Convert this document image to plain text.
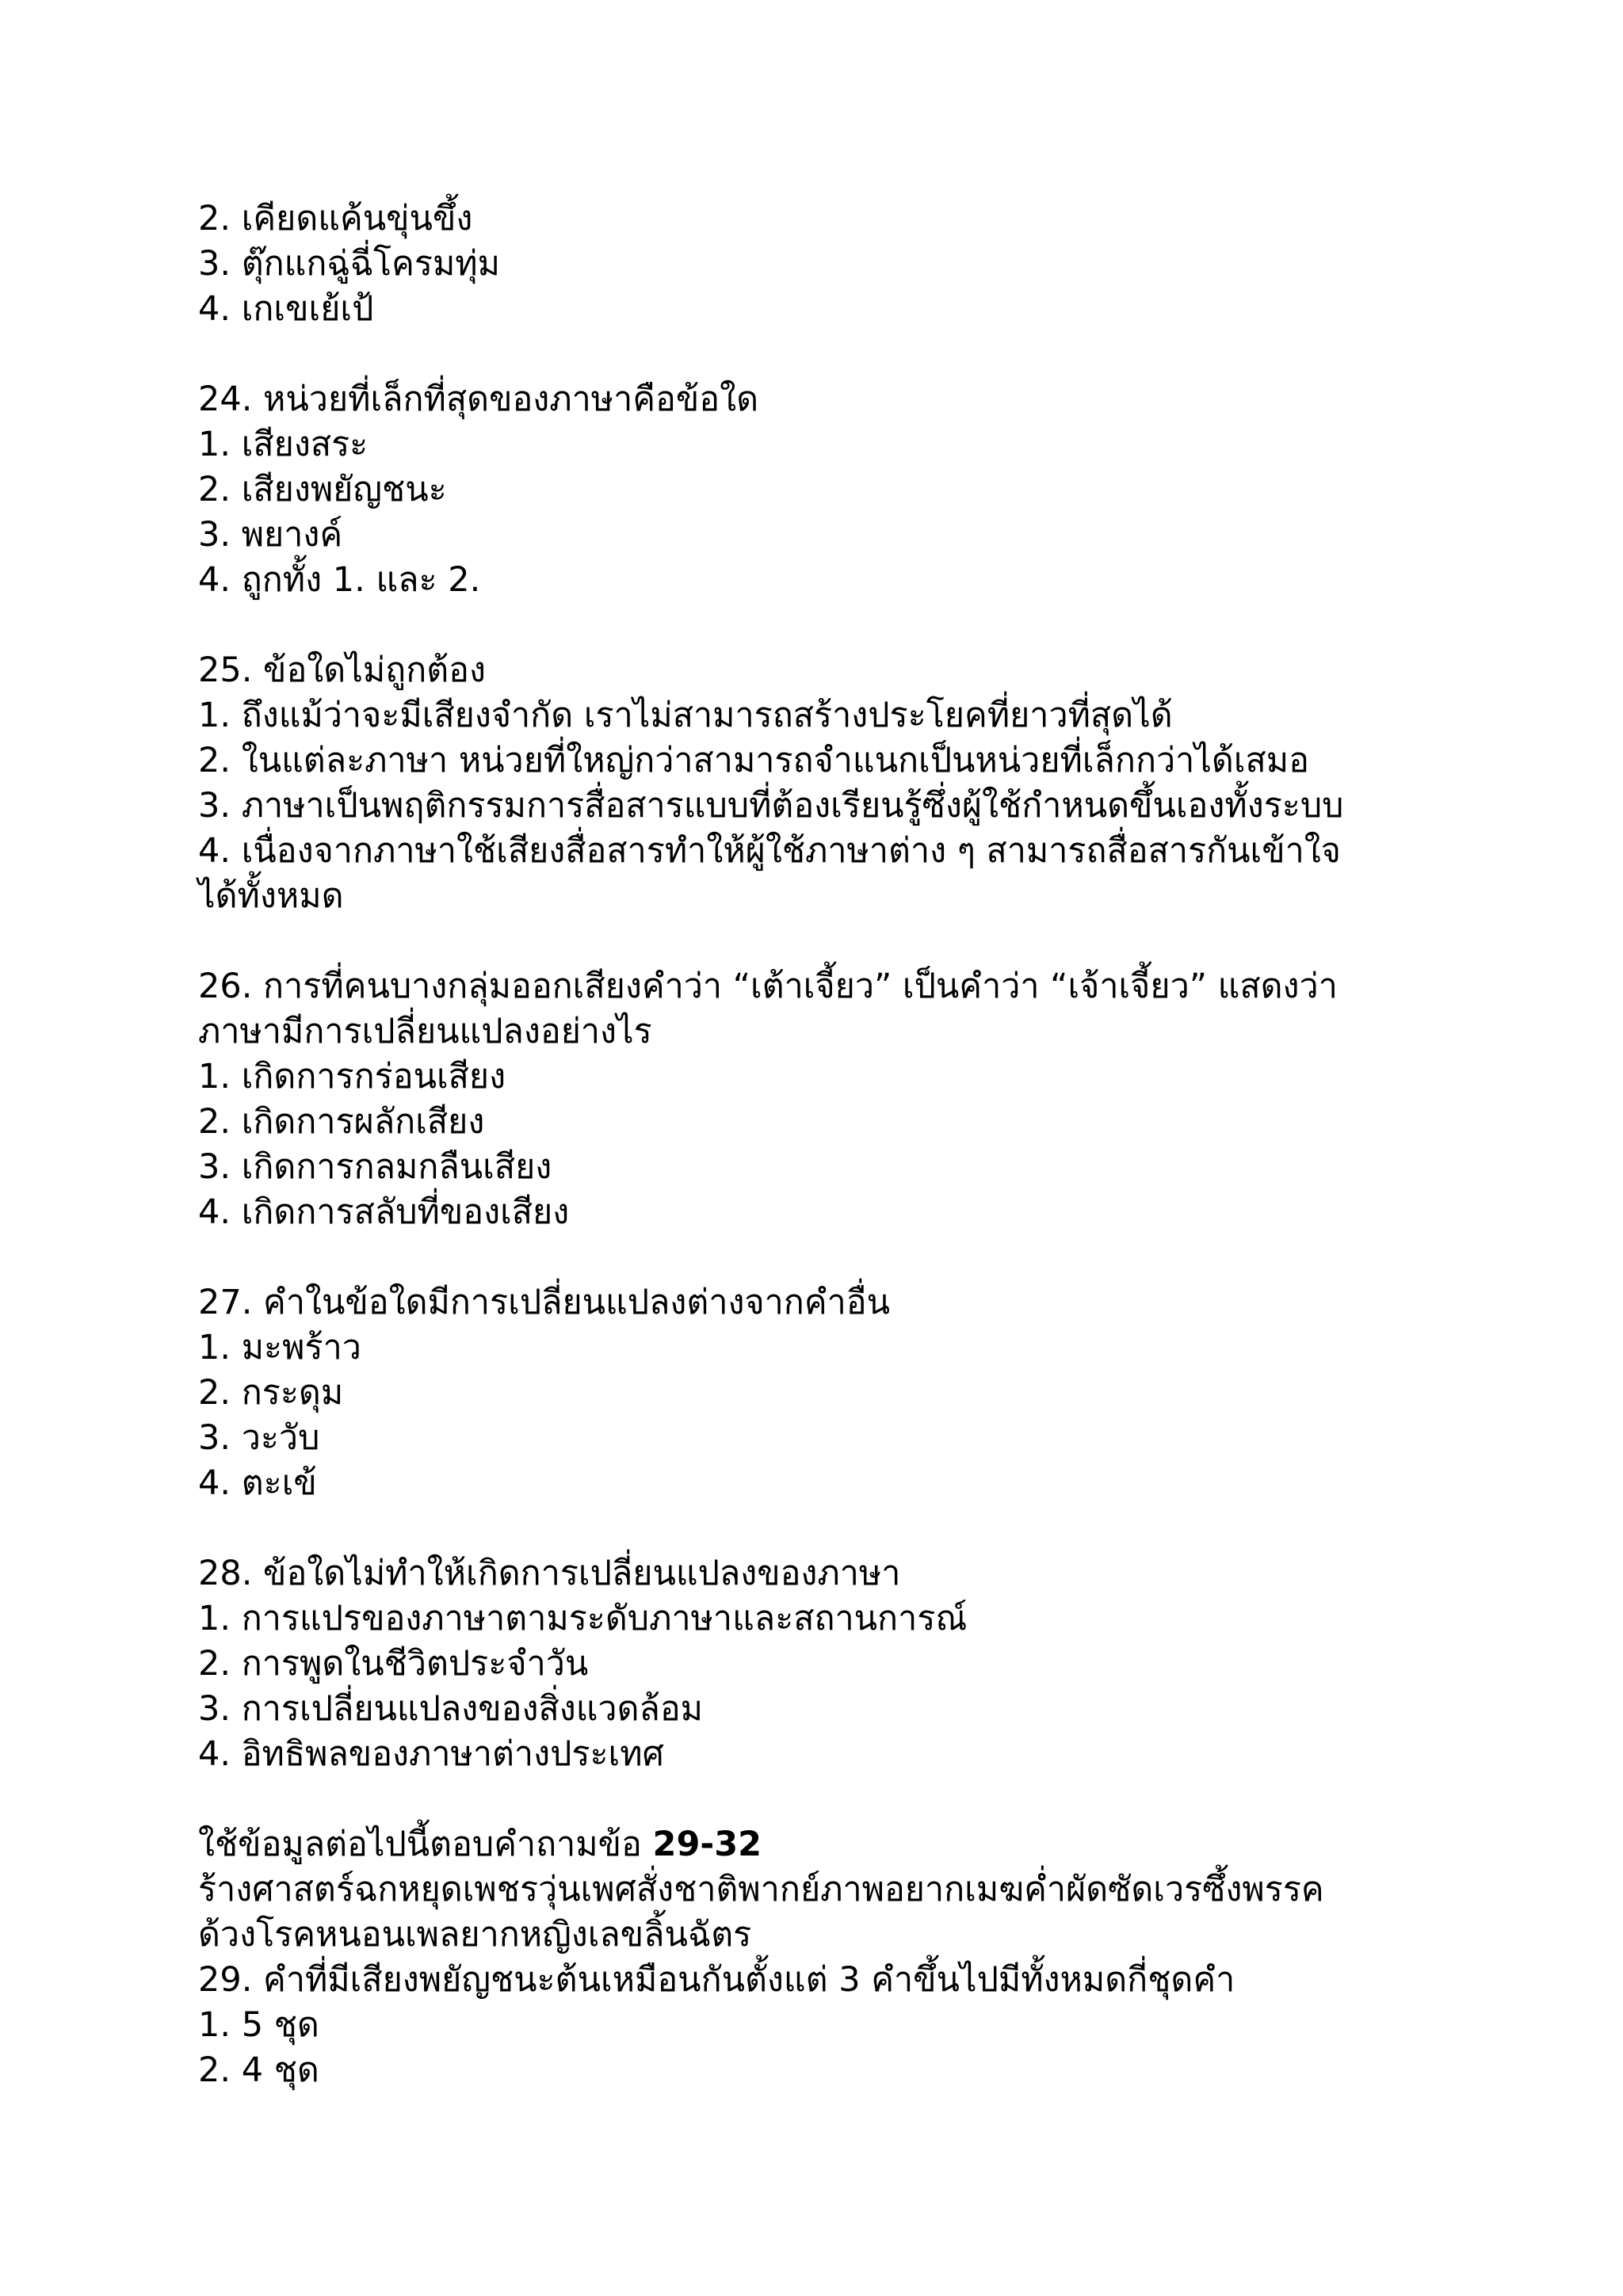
2. เคียดแค้นขุ่นขึ้ง
3. ตุ๊กแกฉู่ฉี่โครมทุ่ม
4. เกเขเย้เป้
24. หน่วยที่เล็กที่สุดของภาษาคือข้อใด
1. เสียงสระ
2. เสียงพยัญชนะ
3. พยางค์
4. ถูกทั้ง 1. และ 2.
25. ข้อใดไม่ถูกต้อง
1. ถึงแม้ว่าจะมีเสียงจำกัด เราไม่สามารถสร้างประโยคที่ยาวที่สุดได้
2. ในแต่ละภาษา หน่วยที่ใหญ่กว่าสามารถจำแนกเป็นหน่วยที่เล็กกว่าได้เสมอ
3. ภาษาเป็นพฤติกรรมการสื่อสารแบบที่ต้องเรียนรู้ซึ่งผู้ใช้กำหนดขึ้นเองทั้งระบบ
4. เนื่องจากภาษาใช้เสียงสื่อสารทำให้ผู้ใช้ภาษาต่าง ๆ สามารถสื่อสารกันเข้าใจ
ได้ทั้งหมด
26. การที่คนบางกลุ่มออกเสียงคำว่า “เต้าเจี้ยว” เป็นคำว่า “เจ้าเจี้ยว” แสดงว่า
ภาษามีการเปลี่ยนแปลงอย่างไร
1. เกิดการกร่อนเสียง
2. เกิดการผลักเสียง
3. เกิดการกลมกลืนเสียง
4. เกิดการสลับที่ของเสียง
27. คำในข้อใดมีการเปลี่ยนแปลงต่างจากคำอื่น
1. มะพร้าว
2. กระดุม
3. วะวับ
4. ตะเข้
28. ข้อใดไม่ทำให้เกิดการเปลี่ยนแปลงของภาษา
1. การแปรของภาษาตามระดับภาษาและสถานการณ์
2. การพูดในชีวิตประจำวัน
3. การเปลี่ยนแปลงของสิ่งแวดล้อม
4. อิทธิพลของภาษาต่างประเทศ
ใช้ข้อมูลต่อไปนี้ตอบคำถามข้อ 29-32
ร้างศาสตร์ฉกหยุดเพชรวุ่นเพศสั่งชาติพากย์ภาพอยากเมฆค่ำผัดซัดเวรซึ้งพรรค
ด้วงโรคหนอนเพลยากหญิงเลขลิ้นฉัตร
29. คำที่มีเสียงพยัญชนะต้นเหมือนกันตั้งแต่ 3 คำขึ้นไปมีทั้งหมดกี่ชุดคำ
1. 5 ชุด
2. 4 ชุด
